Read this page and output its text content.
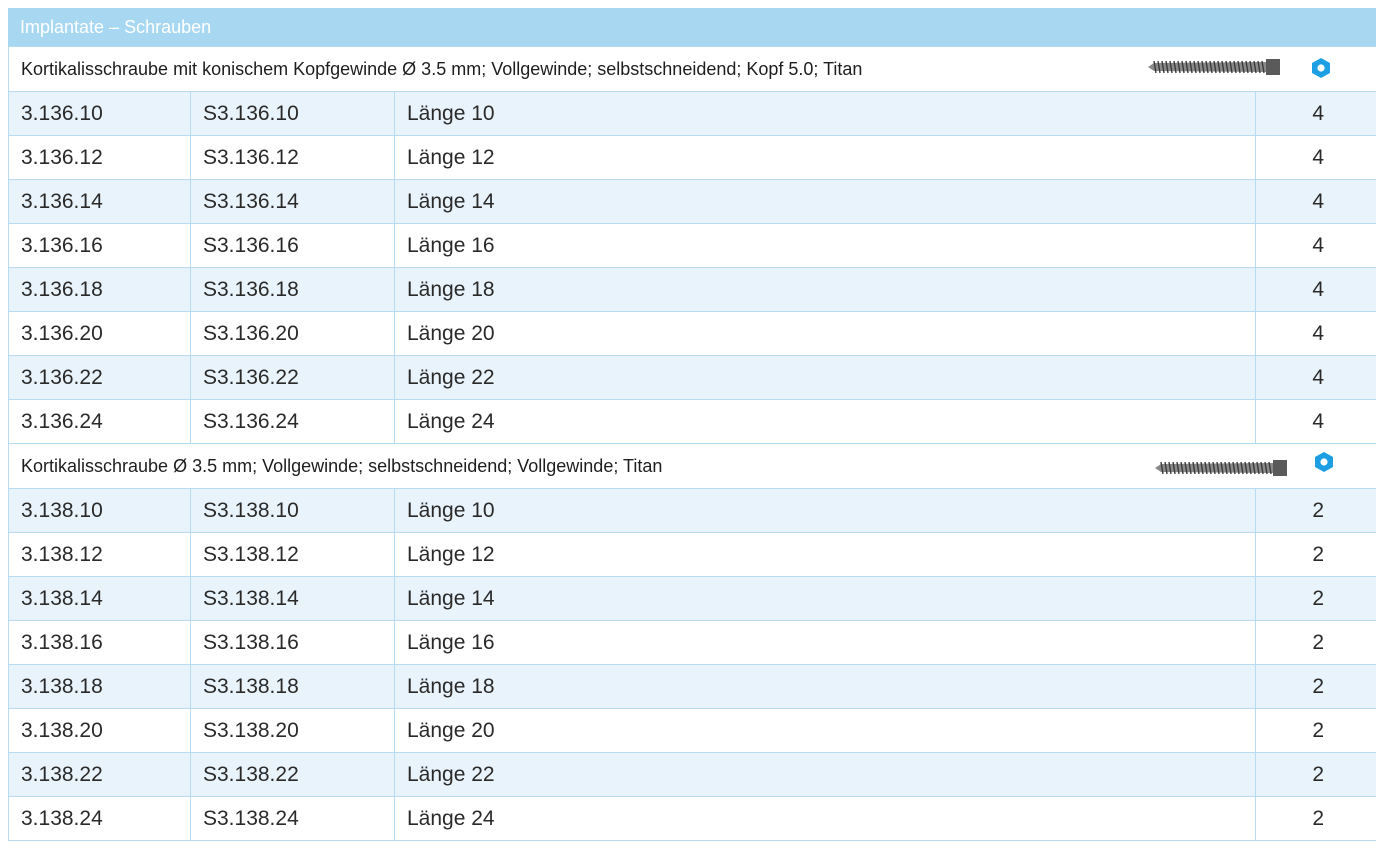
Implantate – Schrauben
Kortikalisschraube mit konischem Kopfgewinde Ø 3.5 mm; Vollgewinde; selbstschneidend; Kopf 5.0; Titan			

3.136.10	S3.136.10	Länge 10	4
3.136.12	S3.136.12	Länge 12	4
3.136.14	S3.136.14	Länge 14	4
3.136.16	S3.136.16	Länge 16	4
3.136.18	S3.136.18	Länge 18	4
3.136.20	S3.136.20	Länge 20	4
3.136.22	S3.136.22	Länge 22	4
3.136.24	S3.136.24	Länge 24	4

Kortikalisschraube Ø 3.5 mm; Vollgewinde; selbstschneidend; Vollgewinde; Titan			

3.138.10	S3.138.10	Länge 10	2
3.138.12	S3.138.12	Länge 12	2
3.138.14	S3.138.14	Länge 14	2
3.138.16	S3.138.16	Länge 16	2
3.138.18	S3.138.18	Länge 18	2
3.138.20	S3.138.20	Länge 20	2
3.138.22	S3.138.22	Länge 22	2
3.138.24	S3.138.24	Länge 24	2
